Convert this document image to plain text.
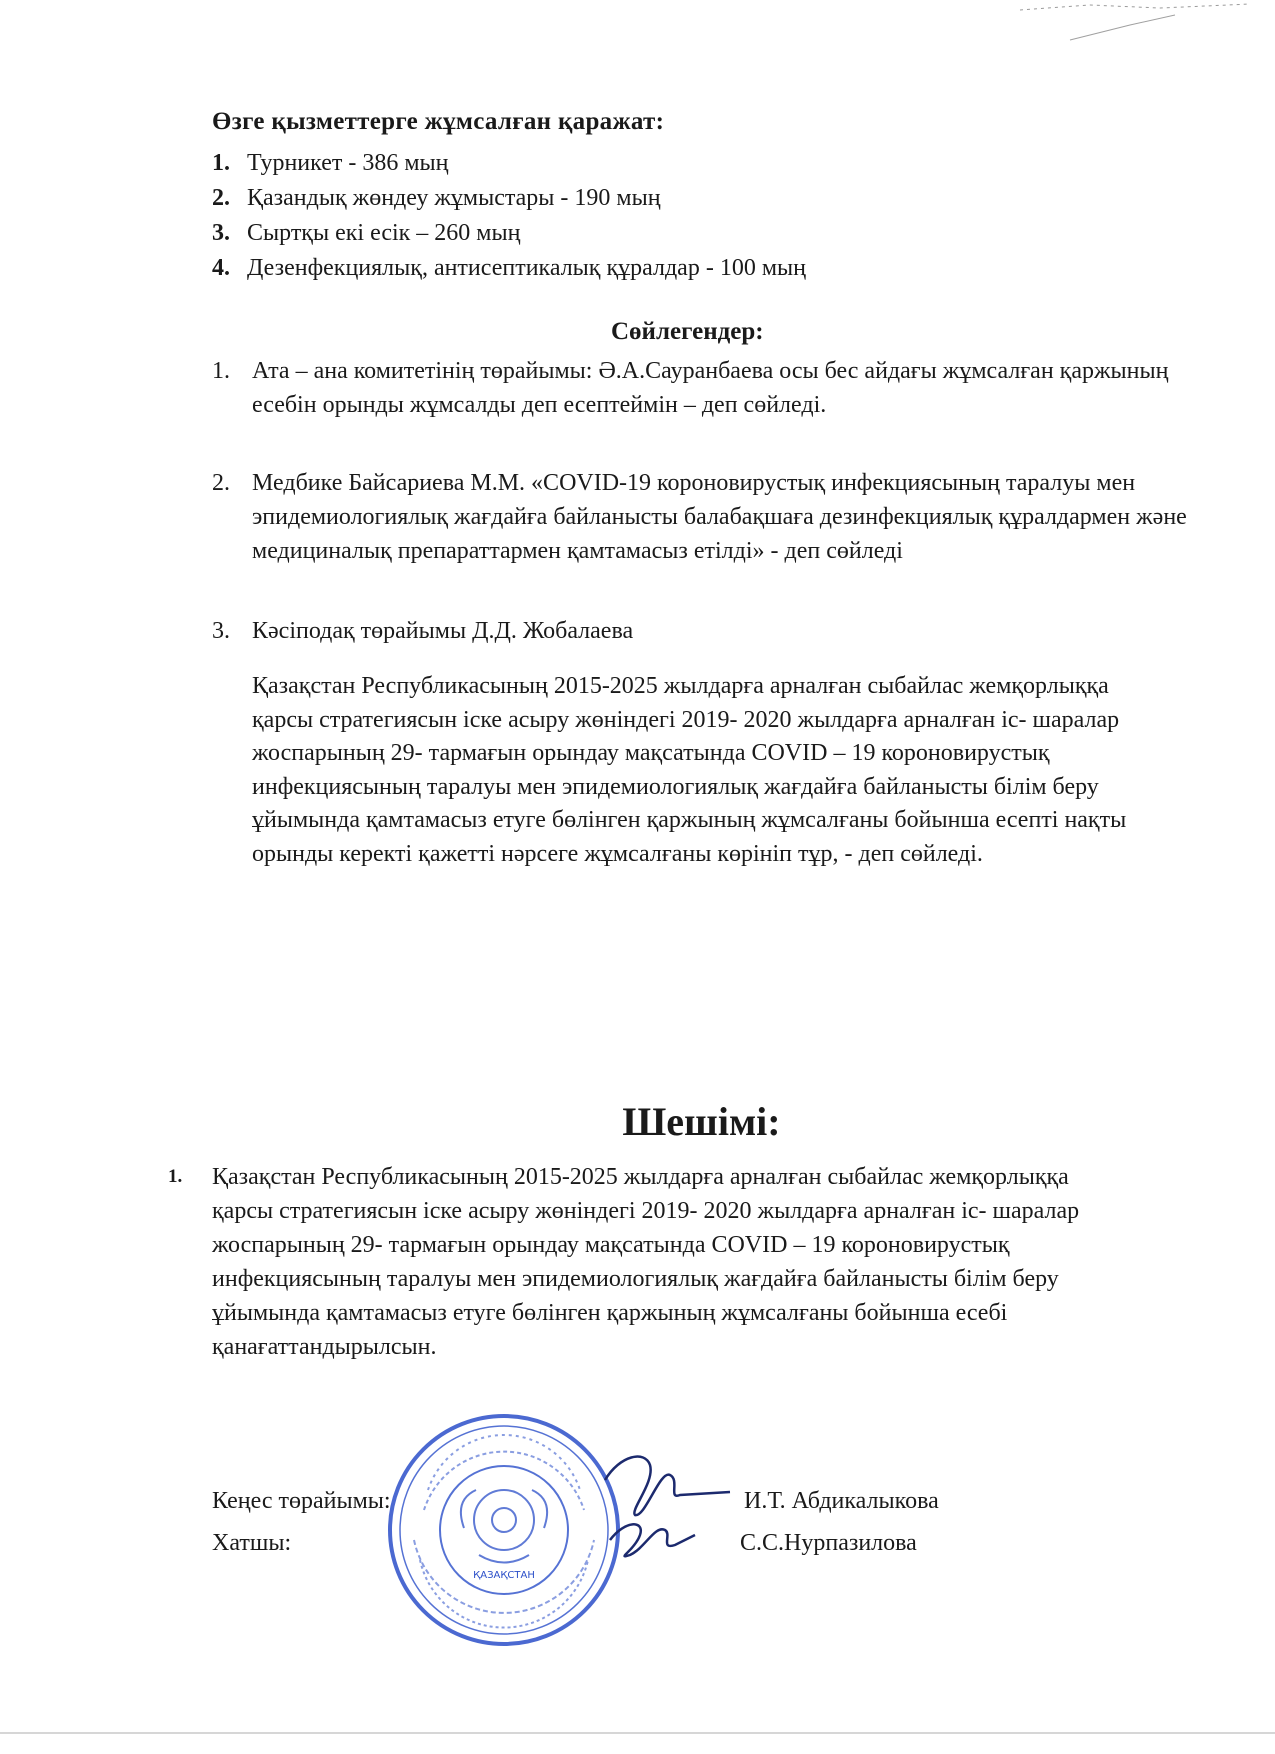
Өзге қызметтерге жұмсалған қаражат:
1. Турникет - 386 мың
2. Қазандық жөндеу жұмыстары - 190 мың
3. Сыртқы екі есік – 260 мың
4. Дезенфекциялық, антисептикалық құралдар - 100 мың
Сөйлегендер:
1. Ата – ана комитетінің төрайымы: Ә.А.Сауранбаева осы бес айдағы жұмсалған қаржының есебін орынды жұмсалды деп есептеймін – деп сөйледі.
2. Медбике Байсариева М.М. «COVID-19 короновирустық инфекциясының таралуы мен эпидемиологиялық жағдайға байланысты балабақшаға дезинфекциялық құралдармен және медициналық препараттармен қамтамасыз етілді» - деп сөйледі
3. Кәсіподақ төрайымы Д.Д. Жобалаева
Қазақстан Республикасының 2015-2025 жылдарға арналған сыбайлас жемқорлыққа қарсы стратегиясын іске асыру жөніндегі 2019- 2020 жылдарға арналған іс- шаралар жоспарының 29- тармағын орындау мақсатында COVID – 19 короновирустық инфекциясының таралуы мен эпидемиологиялық жағдайға байланысты білім беру ұйымында қамтамасыз етуге бөлінген қаржының жұмсалғаны бойынша есепті нақты орынды керекті қажетті нәрсеге жұмсалғаны көрініп тұр, - деп сөйледі.
Шешімі:
1.	Қазақстан Республикасының 2015-2025 жылдарға арналған сыбайлас жемқорлыққа қарсы стратегиясын іске асыру жөніндегі 2019- 2020 жылдарға арналған іс- шаралар жоспарының 29- тармағын орындау мақсатында COVID – 19 короновирустық инфекциясының таралуы мен эпидемиологиялық жағдайға байланысты білім беру ұйымында қамтамасыз етуге бөлінген қаржының жұмсалғаны бойынша есебі қанағаттандырылсын.
Кеңес төрайымы:	И.Т. Абдикалыкова
Хатшы:	С.С.Нурпазилова
ҚАЗАҚСТАН
